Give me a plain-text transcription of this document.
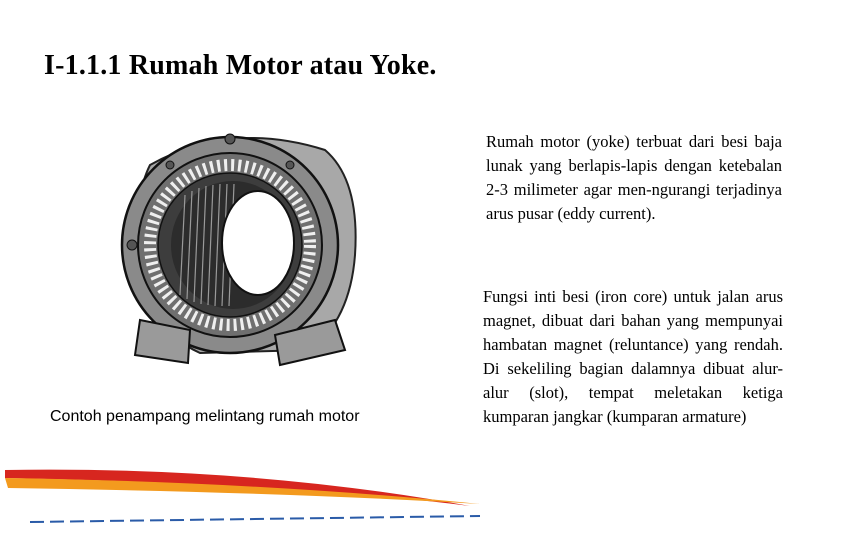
I-1.1.1 Rumah Motor atau Yoke.
Contoh penampang melintang rumah motor

Rumah motor (yoke) terbuat dari besi baja lunak yang berlapis-lapis dengan ketebalan 2-3 milimeter agar men-ngurangi terjadinya arus pusar (eddy current).

Fungsi inti besi (iron core) untuk jalan arus magnet, dibuat dari bahan yang mempunyai hambatan magnet (reluntance) yang rendah. Di sekeliling bagian dalamnya dibuat alur-alur (slot), tempat meletakan ketiga kumparan jangkar (kumparan armature)
